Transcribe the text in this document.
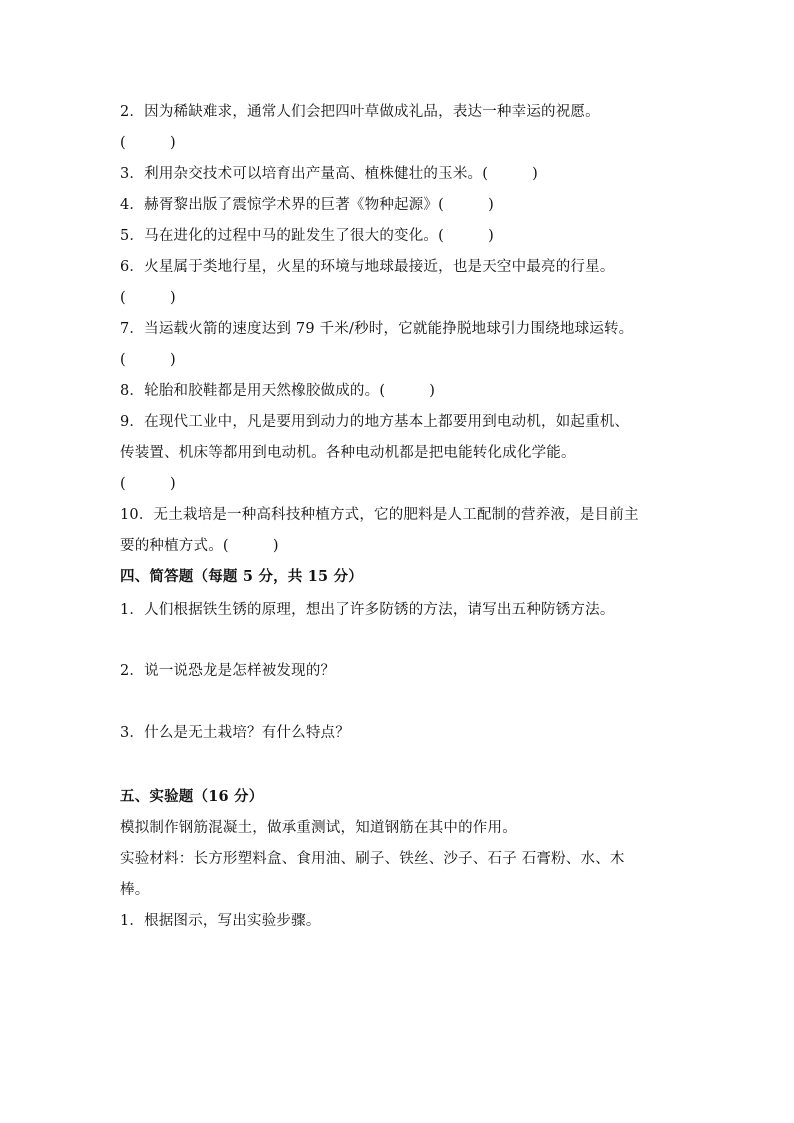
2．因为稀缺难求，通常人们会把四叶草做成礼品，表达一种幸运的祝愿。
(　　　)
3．利用杂交技术可以培育出产量高、植株健壮的玉米。(　　　)
4．赫胥黎出版了震惊学术界的巨著《物种起源》(　　　)
5．马在进化的过程中马的趾发生了很大的变化。(　　　)
6．火星属于类地行星，火星的环境与地球最接近，也是天空中最亮的行星。
(　　　)
7．当运载火箭的速度达到 79 千米/秒时，它就能挣脱地球引力围绕地球运转。
(　　　)
8．轮胎和胶鞋都是用天然橡胶做成的。(　　　)
9．在现代工业中，凡是要用到动力的地方基本上都要用到电动机，如起重机、
传装置、机床等都用到电动机。各种电动机都是把电能转化成化学能。
(　　　)
10．无土栽培是一种高科技种植方式，它的肥料是人工配制的营养液，是目前主
要的种植方式。(　　　)
四、简答题（每题 5 分，共 15 分）
1．人们根据铁生锈的原理，想出了许多防锈的方法，请写出五种防锈方法。
2．说一说恐龙是怎样被发现的？
3．什么是无土栽培？有什么特点？
五、实验题（16 分）
模拟制作钢筋混凝土，做承重测试，知道钢筋在其中的作用。
实验材料：长方形塑料盒、食用油、刷子、铁丝、沙子、石子 石膏粉、水、木
棒。
1．根据图示，写出实验步骤。
